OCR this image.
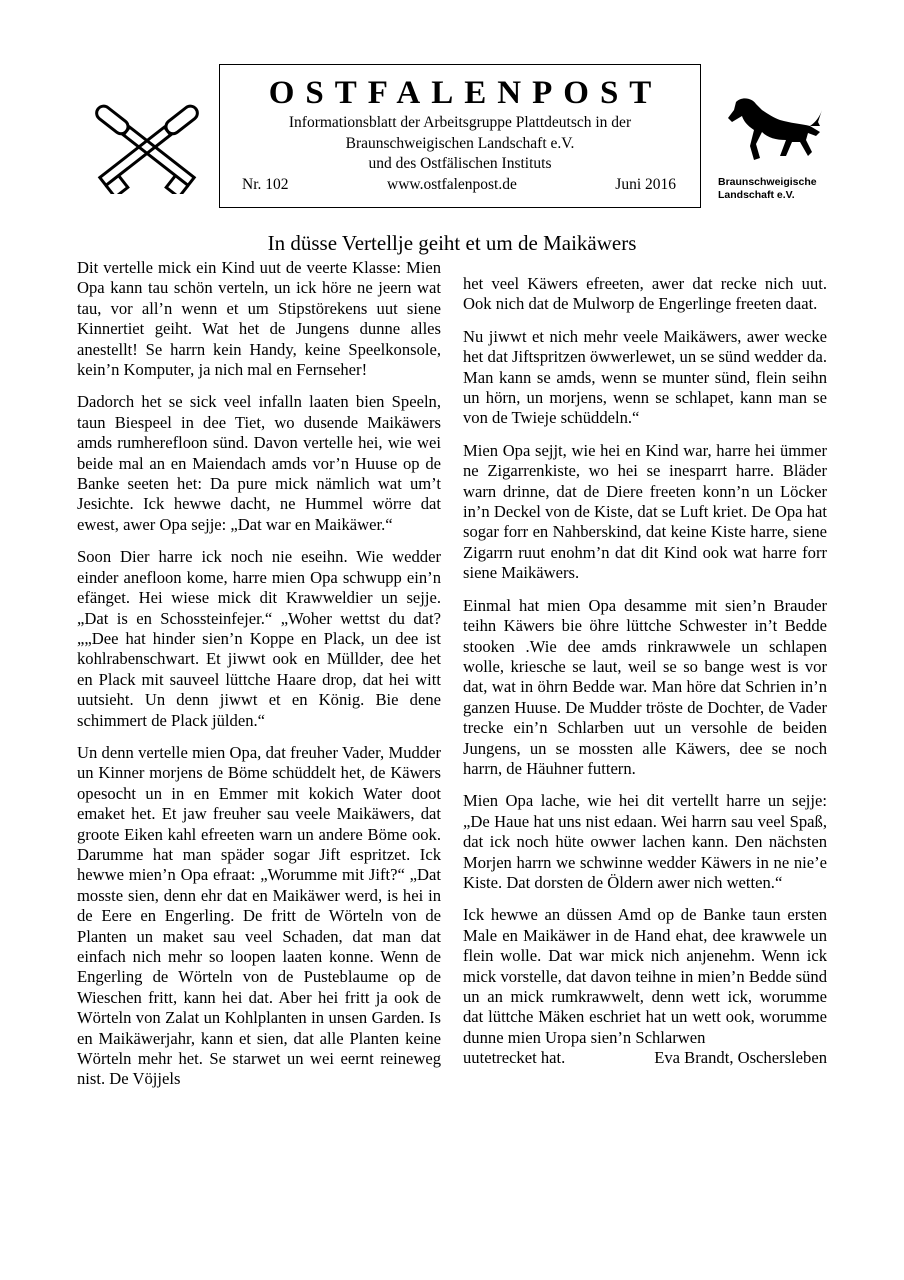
OSTFALENPOST
Informationsblatt der Arbeitsgruppe Plattdeutsch in der
Braunschweigischen Landschaft e.V.
und des Ostfälischen Instituts
Nr. 102	www.ostfalenpost.de	Juni 2016	Braunschweigische
Landschaft e.V.
In düsse Vertellje geiht et um de Maikäwers

Dit vertelle mick ein Kind uut de veerte Klasse: Mien Opa kann tau schön verteln, un ick höre ne jeern wat tau, vor all’n wenn et um Stipstörekens uut siene Kinnertiet geiht. Wat het de Jungens dunne alles anestellt! Se harrn kein Handy, keine Speelkonsole, kein’n Komputer, ja nich mal en Fernseher!

Dadorch het se sick veel infalln laaten bien Speeln, taun Biespeel in dee Tiet, wo dusende Maikäwers amds rumherefloon sünd. Davon vertelle hei, wie wei beide mal an en Maiendach amds vor’n Huuse op de Banke seeten het: Da pure mick nämlich wat um’t Jesichte. Ick hewwe dacht, ne Hummel wörre dat ewest, awer Opa sejje: „Dat war en Maikäwer.“

Soon Dier harre ick noch nie eseihn. Wie wedder einder anefloon kome, harre mien Opa schwupp ein’n efänget. Hei wiese mick dit Krawweldier un sejje. „Dat is en Schossteinfejer.“ „Woher wettst du dat? „„Dee hat hinder sien’n Koppe en Plack, un dee ist kohlrabenschwart. Et jiwwt ook en Müllder, dee het en Plack mit sauveel lüttche Haare drop, dat hei witt uutsieht. Un denn jiwwt et en König. Bie dene schimmert de Plack jülden.“

Un denn vertelle mien Opa, dat freuher Vader, Mudder un Kinner morjens de Böme schüddelt het, de Käwers opesocht un in en Emmer mit kokich Water doot emaket het. Et jaw freuher sau veele Maikäwers, dat groote Eiken kahl efreeten warn un andere Böme ook. Darumme hat man späder sogar Jift espritzet. Ick hewwe mien’n Opa efraat: „Worumme mit Jift?“ „Dat mosste sien, denn ehr dat en Maikäwer werd, is hei in de Eere en Engerling. De fritt de Wörteln von de Planten un maket sau veel Schaden, dat man dat einfach nich mehr so loopen laaten konne. Wenn de Engerling de Wörteln von de Pusteblaume op de Wieschen fritt, kann hei dat. Aber hei fritt ja ook de Wörteln von Zalat un Kohlplanten in unsen Garden. Is en Maikäwerjahr, kann et sien, dat alle Planten keine Wörteln mehr het. Se starwet un wei eernt reineweg nist. De Vöjjels

het veel Käwers efreeten, awer dat recke nich uut. Ook nich dat de Mulworp de Engerlinge freeten daat.

Nu jiwwt et nich mehr veele Maikäwers, awer wecke het dat Jiftspritzen öwwerlewet, un se sünd wedder da. Man kann se amds, wenn se munter sünd, flein seihn un hörn, un morjens, wenn se schlapet, kann man se von de Twieje schüddeln.“

Mien Opa sejjt, wie hei en Kind war, harre hei ümmer ne Zigarrenkiste, wo hei se inesparrt harre. Bläder warn drinne, dat de Diere freeten konn’n un Löcker in’n Deckel von de Kiste, dat se Luft kriet. De Opa hat sogar forr en Nahberskind, dat keine Kiste harre, siene Zigarrn ruut enohm’n dat dit Kind ook wat harre forr siene Maikäwers.

Einmal hat mien Opa desamme mit sien’n Brauder teihn Käwers bie öhre lüttche Schwester in’t Bedde stooken .Wie dee amds rinkrawwele un schlapen wolle, kriesche se laut, weil se so bange west is vor dat, wat in öhrn Bedde war. Man höre dat Schrien in’n ganzen Huuse. De Mudder tröste de Dochter, de Vader trecke ein’n Schlarben uut un versohle de beiden Jungens, un se mossten alle Käwers, dee se noch harrn, de Häuhner futtern.

Mien Opa lache, wie hei dit vertellt harre un sejje: „De Haue hat uns nist edaan. Wei harrn sau veel Spaß, dat ick noch hüte owwer lachen kann. Den nächsten Morjen harrn we schwinne wedder Käwers in ne nie’e Kiste. Dat dorsten de Öldern awer nich wetten.“

Ick hewwe an düssen Amd op de Banke taun ersten Male en Maikäwer in de Hand ehat, dee krawwele un flein wolle. Dat war mick nich anjenehm. Wenn ick mick vorstelle, dat davon teihne in mien’n Bedde sünd un an mick rumkrawwelt, denn wett ick, worumme dat lüttche Mäken eschriet hat un wett ook, worumme dunne mien Uropa sien’n Schlarwen

uutetrecket hat.	Eva Brandt, Oschersleben
